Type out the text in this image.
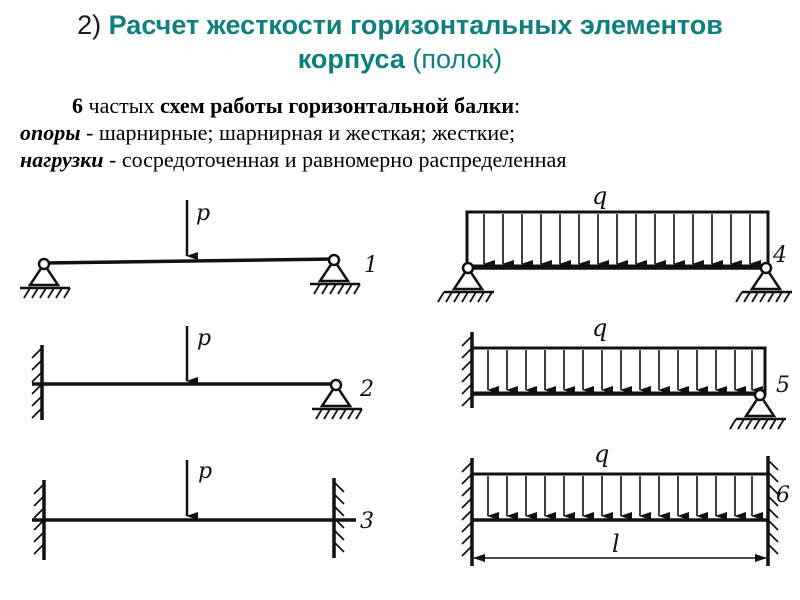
2) Расчет жесткости горизонтальных элементов
корпуса (полок)
6 частых схем работы горизонтальной балки:
опоры - шарнирные; шарнирная и жесткая; жесткие;
нагрузки - сосредоточенная и равномерно распределенная
p
1
p
2
p
3
q
4
q
5
q
l
6
